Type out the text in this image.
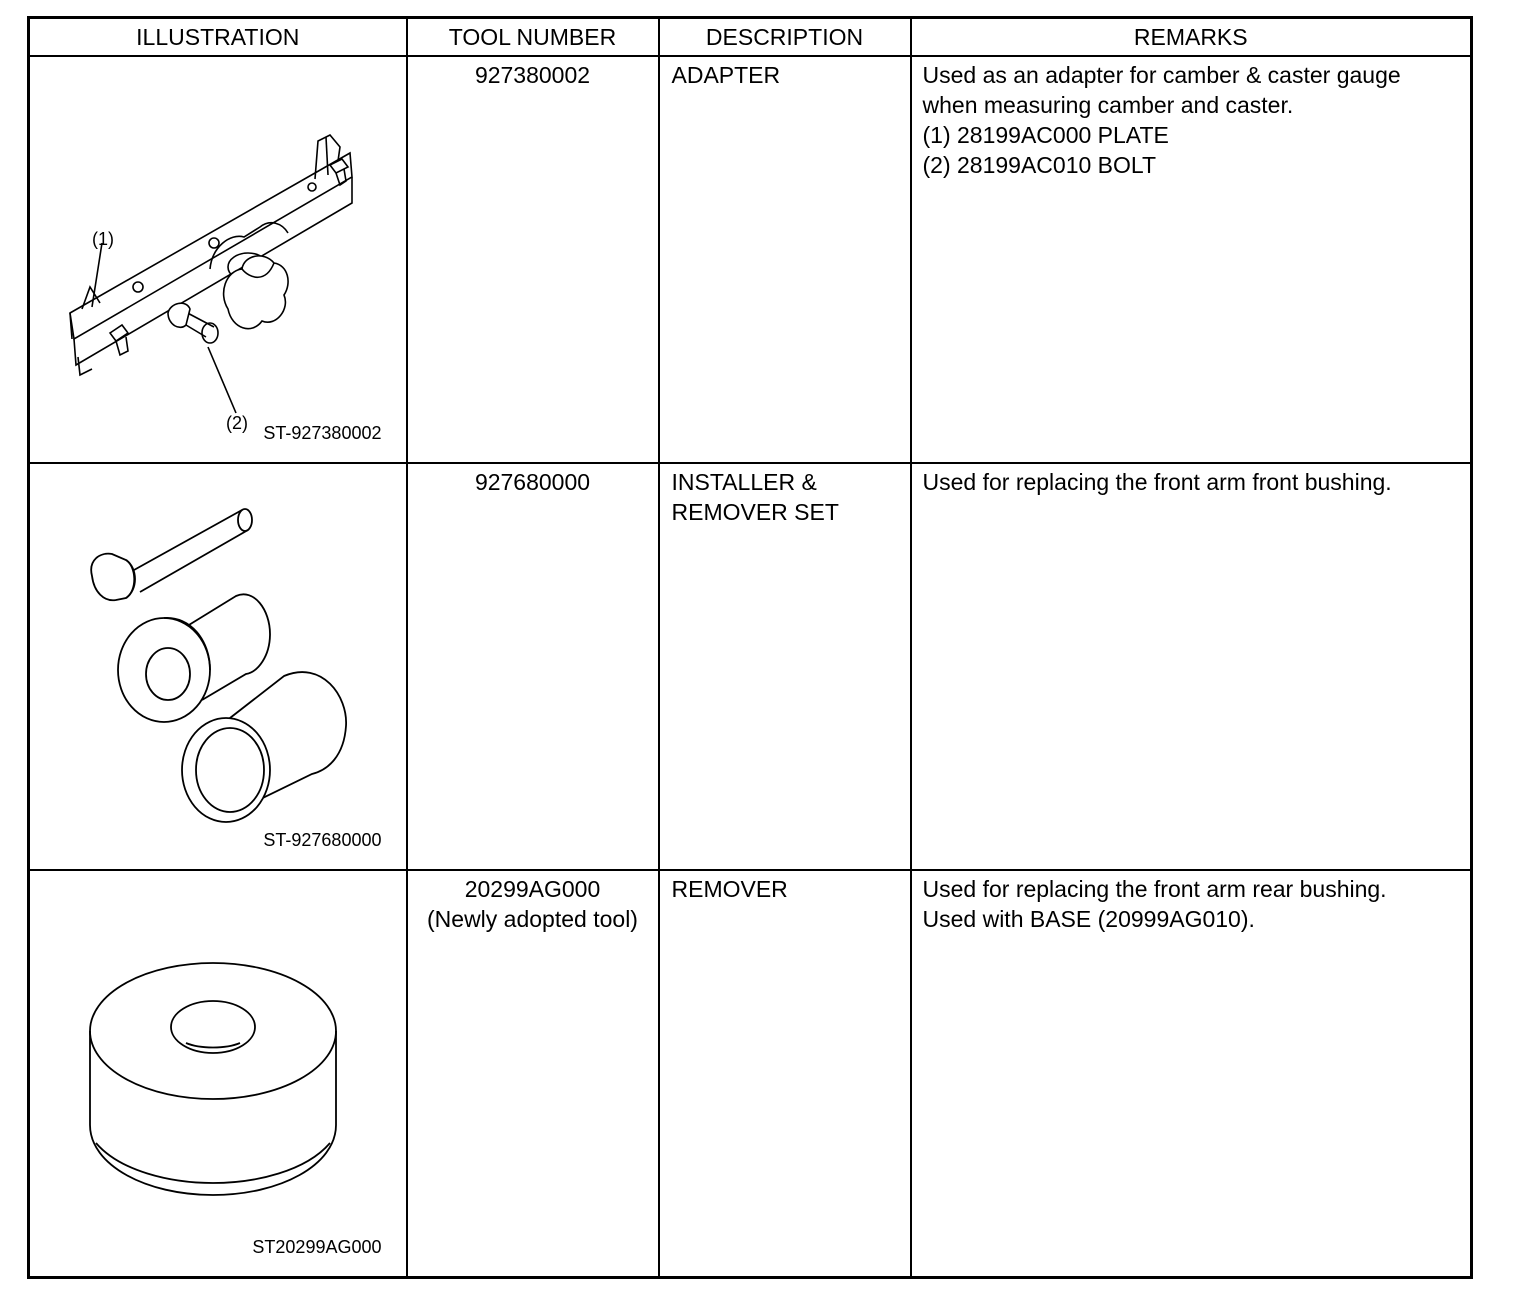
ILLUSTRATION	TOOL NUMBER	DESCRIPTION	REMARKS

(1)
(2) ST-927380002	927380002	ADAPTER	Used as an adapter for camber & caster gauge
when measuring camber and caster.
(1) 28199AC000 PLATE
(2) 28199AC010 BOLT

ST-927680000	927680000	INSTALLER &
REMOVER SET	Used for replacing the front arm front bushing.

ST20299AG000	20299AG000
(Newly adopted tool)	REMOVER	Used for replacing the front arm rear bushing.
Used with BASE (20999AG010).
